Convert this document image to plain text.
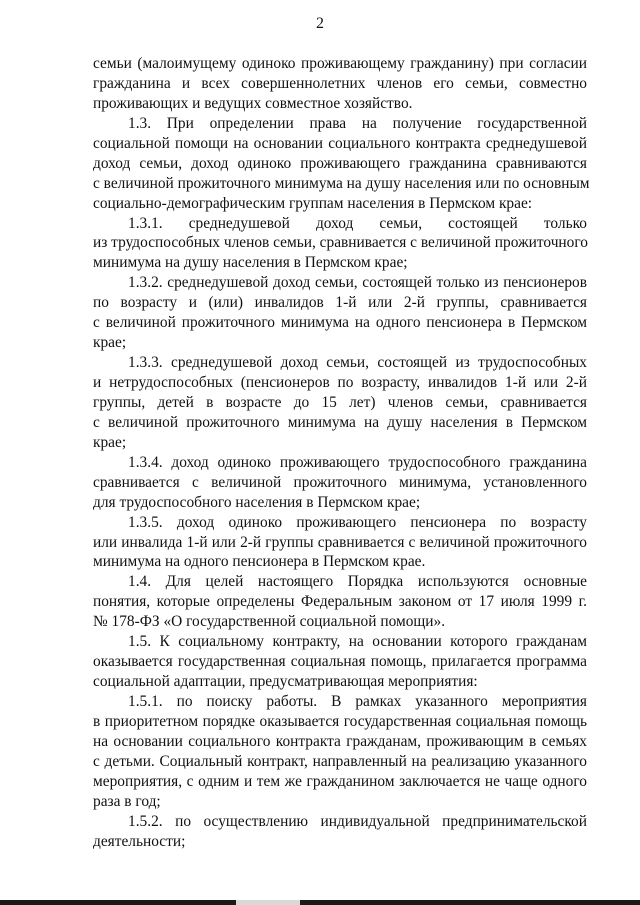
2

семьи (малоимущему одиноко проживающему гражданину) при согласии
гражданина и всех совершеннолетних членов его семьи, совместно
проживающих и ведущих совместное хозяйство.

1.3. При определении права на получение государственной
социальной помощи на основании социального контракта среднедушевой
доход семьи, доход одиноко проживающего гражданина сравниваются
с величиной прожиточного минимума на душу населения или по основным
социально-демографическим группам населения в Пермском крае:

1.3.1. среднедушевой доход семьи, состоящей только
из трудоспособных членов семьи, сравнивается с величиной прожиточного
минимума на душу населения в Пермском крае;

1.3.2. среднедушевой доход семьи, состоящей только из пенсионеров
по возрасту и (или) инвалидов 1-й или 2-й группы, сравнивается
с величиной прожиточного минимума на одного пенсионера в Пермском
крае;

1.3.3. среднедушевой доход семьи, состоящей из трудоспособных
и нетрудоспособных (пенсионеров по возрасту, инвалидов 1-й или 2-й
группы, детей в возрасте до 15 лет) членов семьи, сравнивается
с величиной прожиточного минимума на душу населения в Пермском
крае;

1.3.4. доход одиноко проживающего трудоспособного гражданина
сравнивается с величиной прожиточного минимума, установленного
для трудоспособного населения в Пермском крае;

1.3.5. доход одиноко проживающего пенсионера по возрасту
или инвалида 1-й или 2-й группы сравнивается с величиной прожиточного
минимума на одного пенсионера в Пермском крае.

1.4. Для целей настоящего Порядка используются основные
понятия, которые определены Федеральным законом от 17 июля 1999 г.
№ 178-ФЗ «О государственной социальной помощи».

1.5. К социальному контракту, на основании которого гражданам
оказывается государственная социальная помощь, прилагается программа
социальной адаптации, предусматривающая мероприятия:

1.5.1. по поиску работы. В рамках указанного мероприятия
в приоритетном порядке оказывается государственная социальная помощь
на основании социального контракта гражданам, проживающим в семьях
с детьми. Социальный контракт, направленный на реализацию указанного
мероприятия, с одним и тем же гражданином заключается не чаще одного
раза в год;

1.5.2. по осуществлению индивидуальной предпринимательской
деятельности;
